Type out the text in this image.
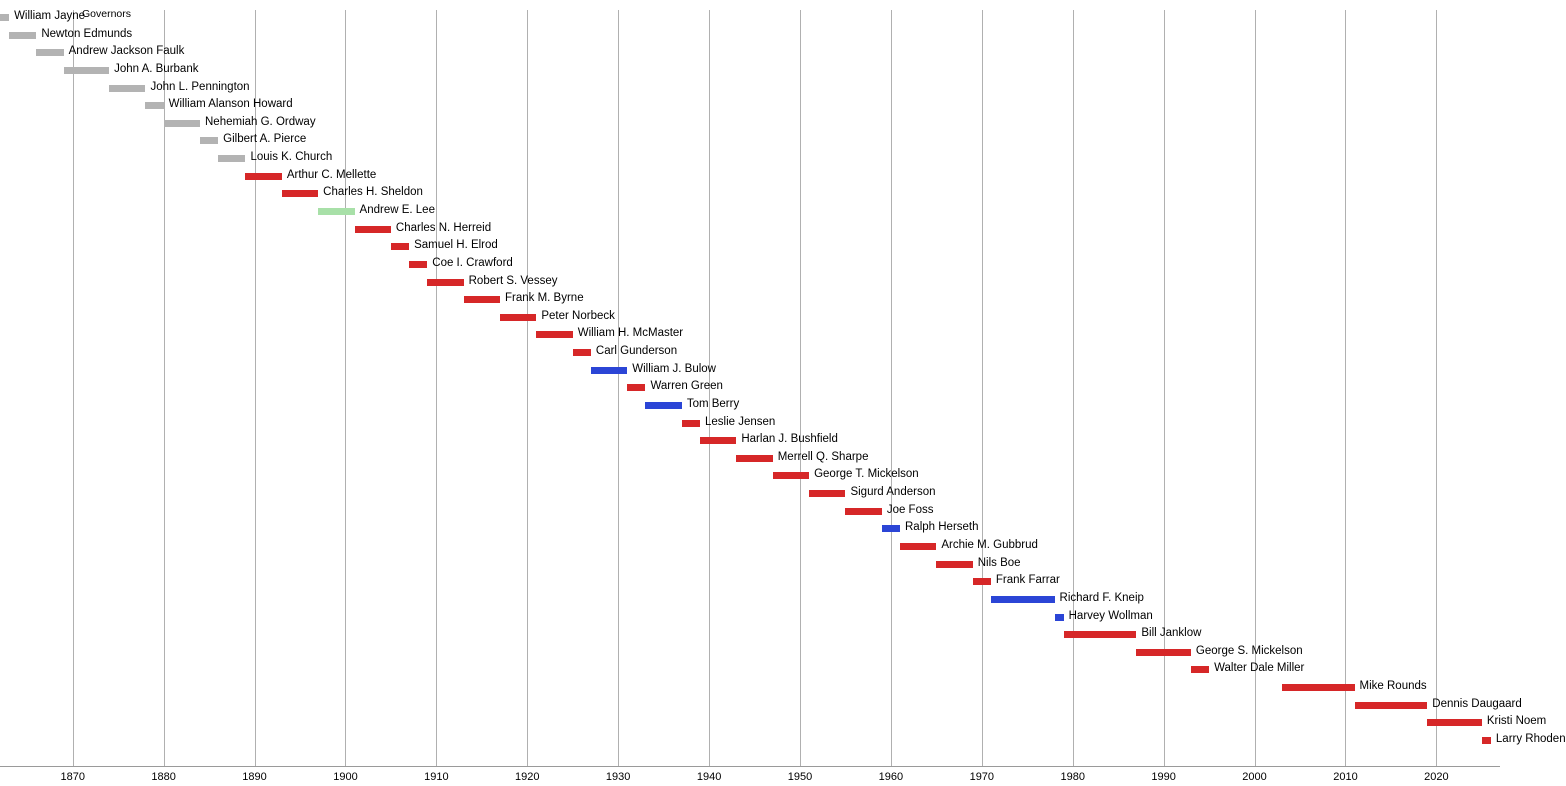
1870	1880	1890	1900	1910	1920	1930	1940	1950	1960	1970	1980	1990	2000	2010	2020
William Jayne
Newton Edmunds
Andrew Jackson Faulk
John A. Burbank
John L. Pennington
William Alanson Howard
Nehemiah G. Ordway
Gilbert A. Pierce
Louis K. Church
Arthur C. Mellette
Charles H. Sheldon
Andrew E. Lee
Charles N. Herreid
Samuel H. Elrod
Coe I. Crawford
Robert S. Vessey
Frank M. Byrne
Peter Norbeck
William H. McMaster
Carl Gunderson
William J. Bulow
Warren Green
Tom Berry
Leslie Jensen
Harlan J. Bushfield
Merrell Q. Sharpe
George T. Mickelson
Sigurd Anderson
Joe Foss
Ralph Herseth
Archie M. Gubbrud
Nils Boe
Frank Farrar
Richard F. Kneip
Harvey Wollman
Bill Janklow
George S. Mickelson
Walter Dale Miller
Mike Rounds
Dennis Daugaard
Kristi Noem
Larry Rhoden
Governors
